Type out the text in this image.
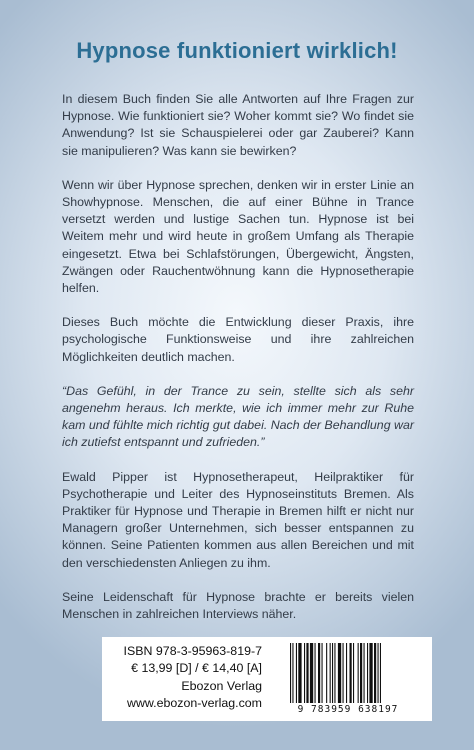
Hypnose funktioniert wirklich!

In diesem Buch finden Sie alle Antworten auf Ihre Fragen zur Hypnose. Wie funktioniert sie? Woher kommt sie? Wo findet sie Anwendung? Ist sie Schauspielerei oder gar Zauberei? Kann sie manipulieren? Was kann sie bewirken?

Wenn wir über Hypnose sprechen, denken wir in erster Linie an Showhypnose. Menschen, die auf einer Bühne in Trance versetzt werden und lustige Sachen tun. Hypnose ist bei Weitem mehr und wird heute in großem Umfang als Therapie eingesetzt. Etwa bei Schlafstörungen, Übergewicht, Ängsten, Zwängen oder Rauchentwöhnung kann die Hypnosetherapie helfen.

Dieses Buch möchte die Entwicklung dieser Praxis, ihre psychologische Funktionsweise und ihre zahlreichen Möglichkeiten deutlich machen.

“Das Gefühl, in der Trance zu sein, stellte sich als sehr angenehm heraus. Ich merkte, wie ich immer mehr zur Ruhe kam und fühlte mich richtig gut dabei. Nach der Behandlung war ich zutiefst entspannt und zufrieden.”

Ewald Pipper ist Hypnosetherapeut, Heilpraktiker für Psychotherapie und Leiter des Hypnoseinstituts Bremen. Als Praktiker für Hypnose und Therapie in Bremen hilft er nicht nur Managern großer Unternehmen, sich besser entspannen zu können. Seine Patienten kommen aus allen Bereichen und mit den verschiedensten Anliegen zu ihm.

Seine Leidenschaft für Hypnose brachte er bereits vielen Menschen in zahlreichen Interviews näher.

ISBN 978-3-95963-819-7
€ 13,99 [D] / € 14,40 [A]
Ebozon Verlag
www.ebozon-verlag.com	9 783959 638197
